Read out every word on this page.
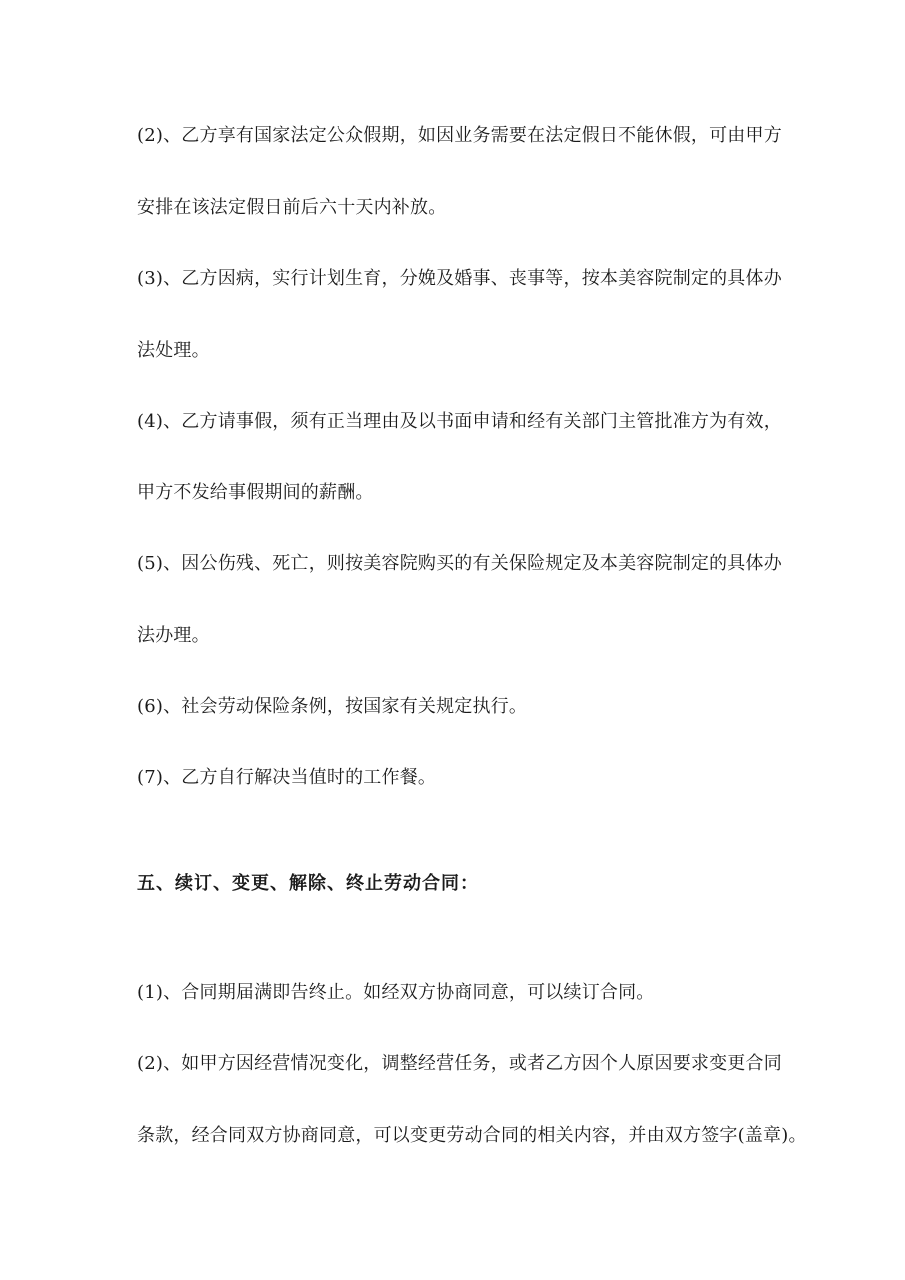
(2)、乙方享有国家法定公众假期，如因业务需要在法定假日不能休假，可由甲方
安排在该法定假日前后六十天内补放。
(3)、乙方因病，实行计划生育，分娩及婚事、丧事等，按本美容院制定的具体办
法处理。
(4)、乙方请事假，须有正当理由及以书面申请和经有关部门主管批准方为有效，
甲方不发给事假期间的薪酬。
(5)、因公伤残、死亡，则按美容院购买的有关保险规定及本美容院制定的具体办
法办理。
(6)、社会劳动保险条例，按国家有关规定执行。
(7)、乙方自行解决当值时的工作餐。
五、续订、变更、解除、终止劳动合同：
(1)、合同期届满即告终止。如经双方协商同意，可以续订合同。
(2)、如甲方因经营情况变化，调整经营任务，或者乙方因个人原因要求变更合同
条款，经合同双方协商同意，可以变更劳动合同的相关内容，并由双方签字(盖章)。
